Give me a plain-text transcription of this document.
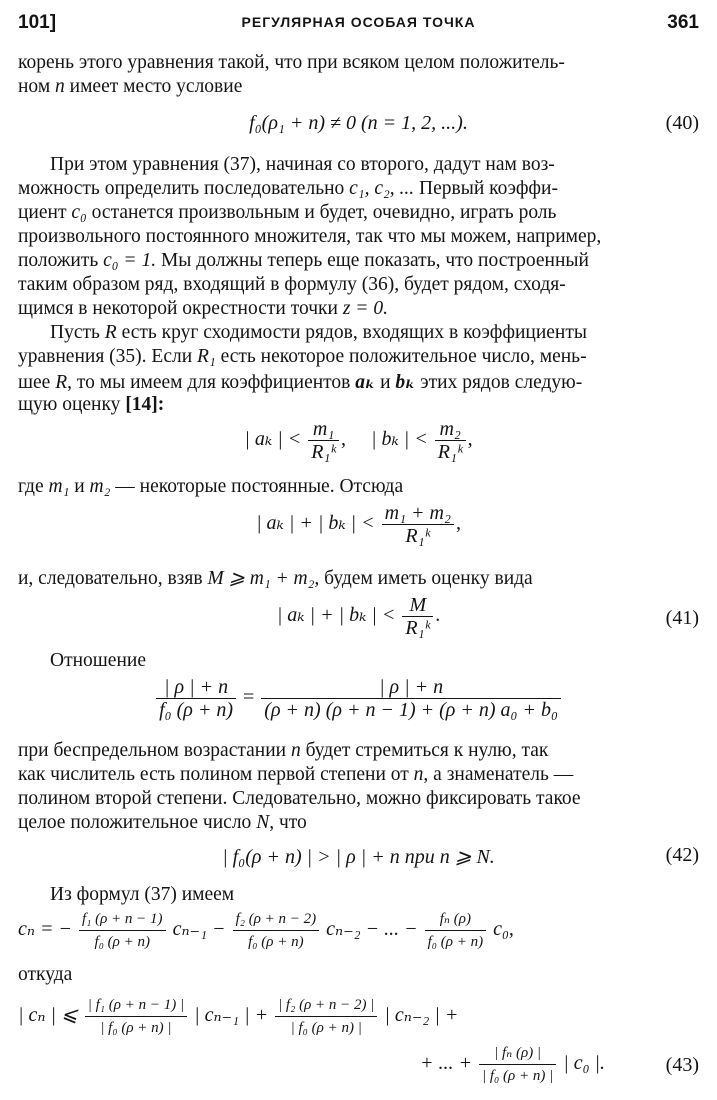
101]	РЕГУЛЯРНАЯ ОСОБАЯ ТОЧКА	361
корень этого уравнения такой, что при всяком целом положитель-
ном n имеет место условие
f₀(ρ₁ + n) ≠ 0 (n = 1, 2, ...).	(40)
При этом уравнения (37), начиная со второго, дадут нам воз-
можность определить последовательно c₁, c₂, ... Первый коэффи-
циент c₀ останется произвольным и будет, очевидно, играть роль
произвольного постоянного множителя, так что мы можем, например,
положить c₀ = 1. Мы должны теперь еще показать, что построенный
таким образом ряд, входящий в формулу (36), будет рядом, сходя-
щимся в некоторой окрестности точки z = 0.
Пусть R есть круг сходимости рядов, входящих в коэффициенты
уравнения (35). Если R₁ есть некоторое положительное число, мень-
шее R, то мы имеем для коэффициентов aₖ и bₖ этих рядов следую-
щую оценку [14]:
| aₖ | < $\frac{\text{m₁}}{\text{R₁ᵏ}}$ , | bₖ | < $\frac{\text{m₂}}{\text{R₁ᵏ}}$ ,
где m₁ и m₂ — некоторые постоянные. Отсюда
| aₖ | + | bₖ | < $\frac{\text{m₁ + m₂}}{\text{R₁ᵏ}}$ ,
и, следовательно, взяв M ⩾ m₁ + m₂, будем иметь оценку вида
| aₖ | + | bₖ | < $\frac{M}{\text{R₁ᵏ}}$ .	(41)
Отношение
$\frac{| \rho | + n}{\text{f₀ (ρ + n)}} = \frac{| \rho | + n}{\text{(ρ + n) (ρ + n − 1) + (ρ + n) a₀ + b₀}}$
при беспредельном возрастании n будет стремиться к нулю, так
как числитель есть полином первой степени от n, а знаменатель —
полином второй степени. Следовательно, можно фиксировать такое
целое положительное число N, что
| f₀(ρ + n) | > | ρ | + n при n ⩾ N.	(42)
Из формул (37) имеем
cₙ = − $\frac{\text{f₁ (ρ + n − 1)}}{\text{f₀ (ρ + n)}} c_{n-1} - \frac{\text{f₂ (ρ + n − 2)}}{\text{f₀ (ρ + n)}} c_{n-2}$ − ... − $\frac{\text{fₙ (ρ)}}{\text{f₀ (ρ + n)}} c_0$,
откуда
| cₙ | ⩽ $\frac{\text{| f₁ (ρ + n − 1) |}}{\text{| f₀ (ρ + n) |}}$ | cₙ₋₁ | + $\frac{\text{| f₂ (ρ + n − 2) |}}{\text{| f₀ (ρ + n) |}}$ | cₙ₋₂ | +
+ ... + $\frac{\text{| fₙ (ρ) |}}{\text{| f₀ (ρ + n) |}}$ | c₀ |.	(43)
